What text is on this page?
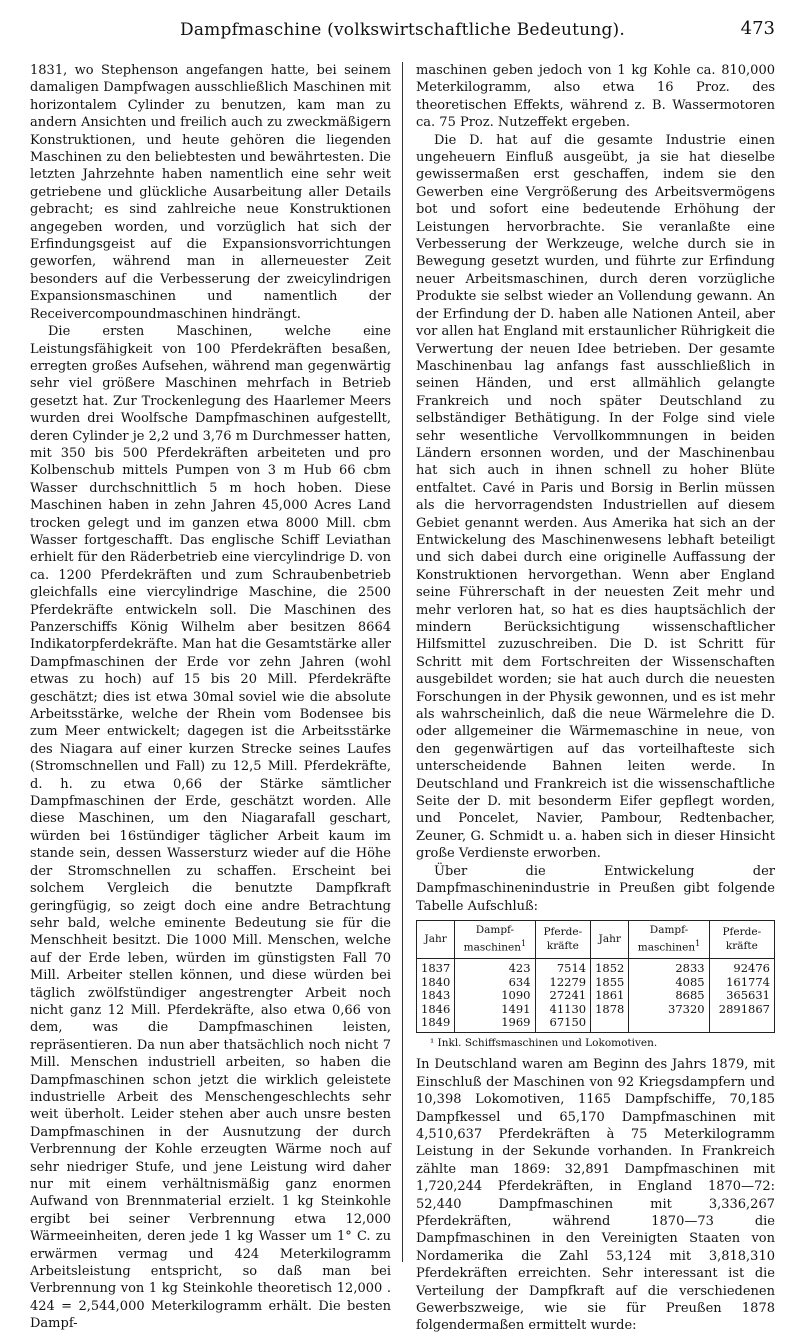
Dampfmaschine (volkswirtschaftliche Bedeutung).	473

1831, wo Stephenson angefangen hatte, bei seinem damaligen Dampfwagen ausschließlich Maschinen mit horizontalem Cylinder zu benutzen, kam man zu andern Ansichten und freilich auch zu zweckmäßigern Konstruktionen, und heute gehören die liegenden Maschinen zu den beliebtesten und bewährtesten. Die letzten Jahrzehnte haben namentlich eine sehr weit getriebene und glückliche Ausarbeitung aller Details gebracht; es sind zahlreiche neue Konstruktionen angegeben worden, und vorzüglich hat sich der Erfindungsgeist auf die Expansionsvorrichtungen geworfen, während man in allerneuester Zeit besonders auf die Verbesserung der zweicylindrigen Expansionsmaschinen und namentlich der Receivercompoundmaschinen hindrängt.

Die ersten Maschinen, welche eine Leistungsfähigkeit von 100 Pferdekräften besaßen, erregten großes Aufsehen, während man gegenwärtig sehr viel größere Maschinen mehrfach in Betrieb gesetzt hat. Zur Trockenlegung des Haarlemer Meers wurden drei Woolfsche Dampfmaschinen aufgestellt, deren Cylinder je 2,2 und 3,76 m Durchmesser hatten, mit 350 bis 500 Pferdekräften arbeiteten und pro Kolbenschub mittels Pumpen von 3 m Hub 66 cbm Wasser durchschnittlich 5 m hoch hoben. Diese Maschinen haben in zehn Jahren 45,000 Acres Land trocken gelegt und im ganzen etwa 8000 Mill. cbm Wasser fortgeschafft. Das englische Schiff Leviathan erhielt für den Räderbetrieb eine viercylindrige D. von ca. 1200 Pferdekräften und zum Schraubenbetrieb gleichfalls eine viercylindrige Maschine, die 2500 Pferdekräfte entwickeln soll. Die Maschinen des Panzerschiffs König Wilhelm aber besitzen 8664 Indikatorpferdekräfte. Man hat die Gesamtstärke aller Dampfmaschinen der Erde vor zehn Jahren (wohl etwas zu hoch) auf 15 bis 20 Mill. Pferdekräfte geschätzt; dies ist etwa 30mal soviel wie die absolute Arbeitsstärke, welche der Rhein vom Bodensee bis zum Meer entwickelt; dagegen ist die Arbeitsstärke des Niagara auf einer kurzen Strecke seines Laufes (Stromschnellen und Fall) zu 12,5 Mill. Pferdekräfte, d. h. zu etwa 0,66 der Stärke sämtlicher Dampfmaschinen der Erde, geschätzt worden. Alle diese Maschinen, um den Niagarafall geschart, würden bei 16stündiger täglicher Arbeit kaum im stande sein, dessen Wassersturz wieder auf die Höhe der Stromschnellen zu schaffen. Erscheint bei solchem Vergleich die benutzte Dampfkraft geringfügig, so zeigt doch eine andre Betrachtung sehr bald, welche eminente Bedeutung sie für die Menschheit besitzt. Die 1000 Mill. Menschen, welche auf der Erde leben, würden im günstigsten Fall 70 Mill. Arbeiter stellen können, und diese würden bei täglich zwölfstündiger angestrengter Arbeit noch nicht ganz 12 Mill. Pferdekräfte, also etwa 0,66 von dem, was die Dampfmaschinen leisten, repräsentieren. Da nun aber thatsächlich noch nicht 7 Mill. Menschen industriell arbeiten, so haben die Dampfmaschinen schon jetzt die wirklich geleistete industrielle Arbeit des Menschengeschlechts sehr weit überholt. Leider stehen aber auch unsre besten Dampfmaschinen in der Ausnutzung der durch Verbrennung der Kohle erzeugten Wärme noch auf sehr niedriger Stufe, und jene Leistung wird daher nur mit einem verhältnismäßig ganz enormen Aufwand von Brennmaterial erzielt. 1 kg Steinkohle ergibt bei seiner Verbrennung etwa 12,000 Wärmeeinheiten, deren jede 1 kg Wasser um 1° C. zu erwärmen vermag und 424 Meterkilogramm Arbeitsleistung entspricht, so daß man bei Verbrennung von 1 kg Steinkohle theoretisch 12,000 . 424 = 2,544,000 Meterkilogramm erhält. Die besten Dampf-

maschinen geben jedoch von 1 kg Kohle ca. 810,000 Meterkilogramm, also etwa 16 Proz. des theoretischen Effekts, während z. B. Wassermotoren ca. 75 Proz. Nutzeffekt ergeben.

Die D. hat auf die gesamte Industrie einen ungeheuern Einfluß ausgeübt, ja sie hat dieselbe gewissermaßen erst geschaffen, indem sie den Gewerben eine Vergrößerung des Arbeitsvermögens bot und sofort eine bedeutende Erhöhung der Leistungen hervorbrachte. Sie veranlaßte eine Verbesserung der Werkzeuge, welche durch sie in Bewegung gesetzt wurden, und führte zur Erfindung neuer Arbeitsmaschinen, durch deren vorzügliche Produkte sie selbst wieder an Vollendung gewann. An der Erfindung der D. haben alle Nationen Anteil, aber vor allen hat England mit erstaunlicher Rührigkeit die Verwertung der neuen Idee betrieben. Der gesamte Maschinenbau lag anfangs fast ausschließlich in seinen Händen, und erst allmählich gelangte Frankreich und noch später Deutschland zu selbständiger Bethätigung. In der Folge sind viele sehr wesentliche Vervollkommnungen in beiden Ländern ersonnen worden, und der Maschinenbau hat sich auch in ihnen schnell zu hoher Blüte entfaltet. Cavé in Paris und Borsig in Berlin müssen als die hervorragendsten Industriellen auf diesem Gebiet genannt werden. Aus Amerika hat sich an der Entwickelung des Maschinenwesens lebhaft beteiligt und sich dabei durch eine originelle Auffassung der Konstruktionen hervorgethan. Wenn aber England seine Führerschaft in der neuesten Zeit mehr und mehr verloren hat, so hat es dies hauptsächlich der mindern Berücksichtigung wissenschaftlicher Hilfsmittel zuzuschreiben. Die D. ist Schritt für Schritt mit dem Fortschreiten der Wissenschaften ausgebildet worden; sie hat auch durch die neuesten Forschungen in der Physik gewonnen, und es ist mehr als wahrscheinlich, daß die neue Wärmelehre die D. oder allgemeiner die Wärmemaschine in neue, von den gegenwärtigen auf das vorteilhafteste sich unterscheidende Bahnen leiten werde. In Deutschland und Frankreich ist die wissenschaftliche Seite der D. mit besonderm Eifer gepflegt worden, und Poncelet, Navier, Pambour, Redtenbacher, Zeuner, G. Schmidt u. a. haben sich in dieser Hinsicht große Verdienste erworben.

Über die Entwickelung der Dampfmaschinenindustrie in Preußen gibt folgende Tabelle Aufschluß:

Jahr	Dampf-maschinen$^1$	Pferde-kräfte	Jahr	Dampf-maschinen$^1$	Pferde-kräfte
1837	423	7514	1852	2833	92476
1840	634	12279	1855	4085	161774
1843	1090	27241	1861	8685	365631
1846	1491	41130	1878	37320	2891867
1849	1969	67150			
¹ Inkl. Schiffsmaschinen und Lokomotiven.

In Deutschland waren am Beginn des Jahrs 1879, mit Einschluß der Maschinen von 92 Kriegsdampfern und 10,398 Lokomotiven, 1165 Dampfschiffe, 70,185 Dampfkessel und 65,170 Dampfmaschinen mit 4,510,637 Pferdekräften à 75 Meterkilogramm Leistung in der Sekunde vorhanden. In Frankreich zählte man 1869: 32,891 Dampfmaschinen mit 1,720,244 Pferdekräften, in England 1870—72: 52,440 Dampfmaschinen mit 3,336,267 Pferdekräften, während 1870—73 die Dampfmaschinen in den Vereinigten Staaten von Nordamerika die Zahl 53,124 mit 3,818,310 Pferdekräften erreichten. Sehr interessant ist die Verteilung der Dampfkraft auf die verschiedenen Gewerbszweige, wie sie für Preußen 1878 folgendermaßen ermittelt wurde:
